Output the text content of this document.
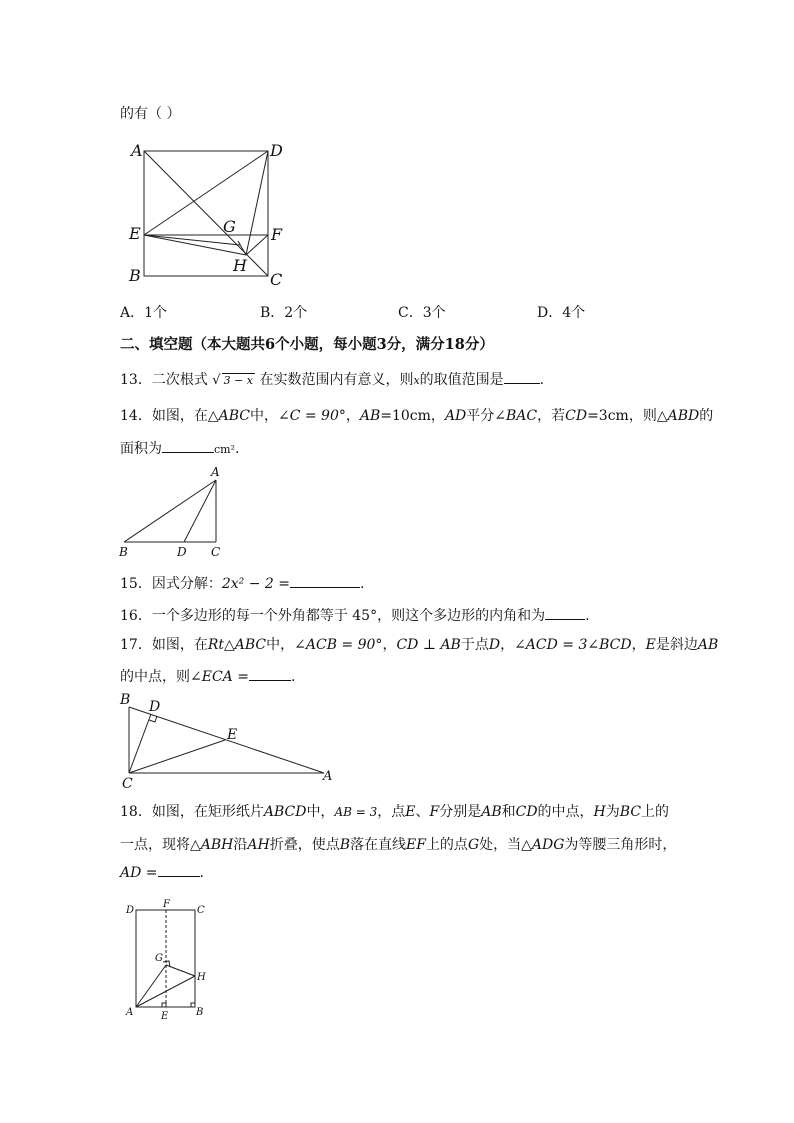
的有（ ）
A	D
E	G F
B
H
C
A．1个	B．2个	C．3个	D．4个
二、填空题（本大题共6个小题，每小题3分，满分18分）
13．二次根式 √ 3 − x 在实数范围内有意义，则x的取值范围是	.
14．如图，在△ABC中，∠C = 90°，AB=10cm，AD平分∠BAC，若CD=3cm，则△ABD的
面积为	cm².
A
B	D C
15．因式分解：2x² − 2 =	.
16．一个多边形的每一个外角都等于 45°，则这个多边形的内角和为	.
17．如图，在Rt△ABC中，∠ACB = 90°，CD ⊥ AB于点D，∠ACD = 3∠BCD，E是斜边AB
的中点，则∠ECA =	.
B D
E
C	A
18．如图，在矩形纸片ABCD中，AB = 3，点E、F分别是AB和CD的中点，H为BC上的
一点，现将△ABH沿AH折叠，使点B落在直线EF上的点G处，当△ADG为等腰三角形时，
AD =	.
D
F
C
G
H
A	E	B
